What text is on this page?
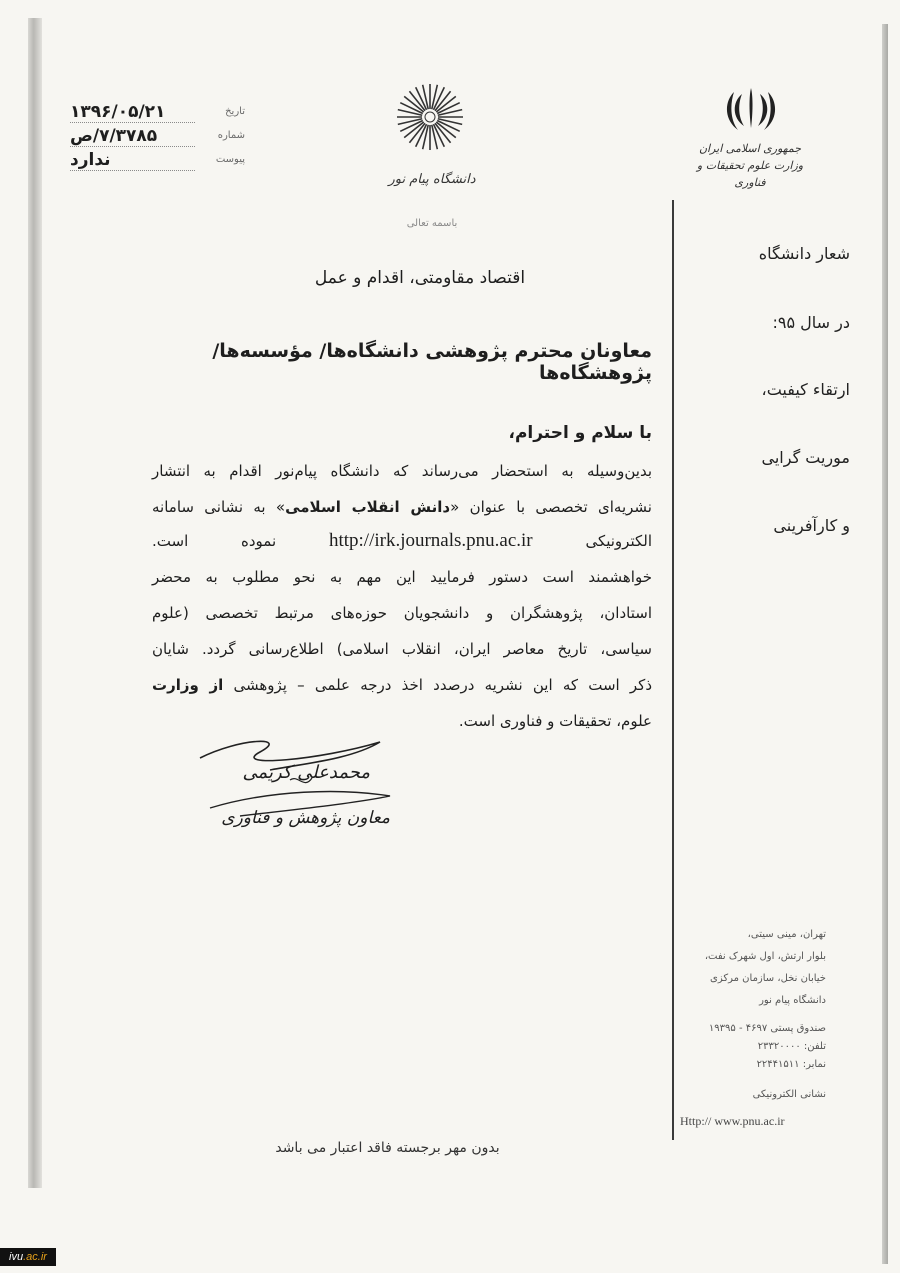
۱۳۹۶/۰۵/۲۱	تاریخ
۷/۳۷۸۵/ص	شماره
ندارد	پیوست
دانشگاه پیام نور
باسمه تعالی
جمهوری اسلامی ایران
وزارت علوم تحقیقات و فناوری
شعار دانشگاه
در سال ۹۵:
ارتقاء کیفیت،
موریت گرایی
و کارآفرینی
اقتصاد مقاومتی، اقدام و عمل
معاونان محترم پژوهشی دانشگاه‌ها/ مؤسسه‌ها/ پژوهشگاه‌ها
با سلام و احترام،
بدین‌وسیله به استحضار می‌رساند که دانشگاه پیام‌نور اقدام به انتشار
نشریه‌ای تخصصی با عنوان «دانش انقلاب اسلامی» به نشانی سامانه
الکترونیکی http://irk.journals.pnu.ac.ir نموده است.
خواهشمند است دستور فرمایید این مهم به نحو مطلوب به محضر
استادان، پژوهشگران و دانشجویان حوزه‌های مرتبط تخصصی (علوم
سیاسی، تاریخ معاصر ایران، انقلاب اسلامی) اطلاع‌رسانی گردد. شایان
ذکر است که این نشریه درصدد اخذ درجه علمی – پژوهشی از وزارت
علوم، تحقیقات و فناوری است.
محمدعلی کریمی
معاون پژوهش و فناوری
تهران، مینی سیتی،
بلوار ارتش، اول شهرک نفت،
خیابان نخل، سازمان مرکزی
دانشگاه پیام نور
صندوق پستی ۴۶۹۷ - ۱۹۳۹۵
تلفن: ۲۳۳۲۰۰۰۰
نمابر: ۲۲۴۴۱۵۱۱
نشانی الکترونیکی
Http:// www.pnu.ac.ir
بدون مهر برجسته فاقد اعتبار می باشد
ivu.ac.ir
